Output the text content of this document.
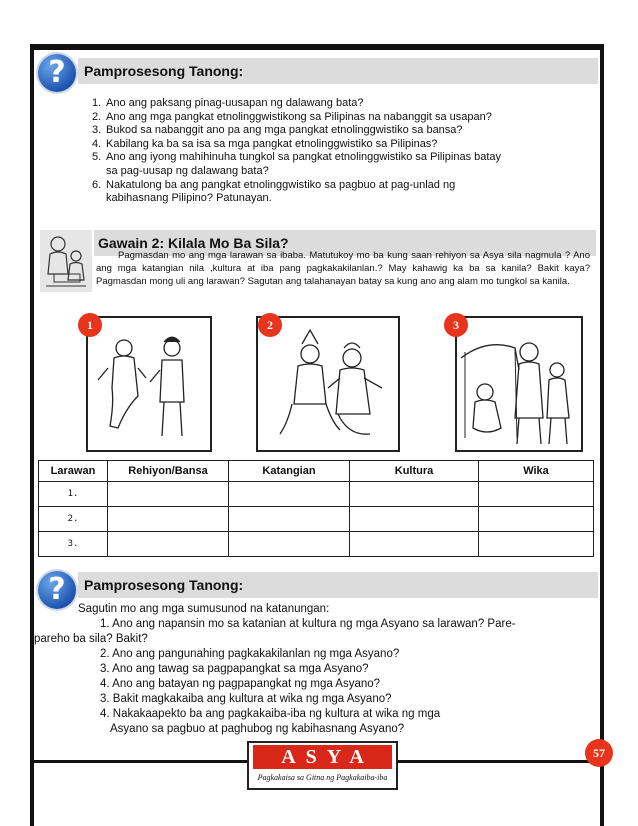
?	Pamprosesong Tanong:
1. Ano ang paksang pinag-uusapan ng dalawang bata?
2. Ano ang mga pangkat etnolinggwistikong sa Pilipinas na nabanggit sa usapan?
3. Bukod sa nabanggit ano pa ang mga pangkat etnolinggwistiko sa bansa?
4. Kabilang ka ba sa isa sa mga pangkat etnolinggwistiko sa Pilipinas?
5. Ano ang iyong mahihinuha tungkol sa pangkat etnolinggwistiko sa Pilipinas batay sa pag-uusap ng dalawang bata?
6. Nakatulong ba ang pangkat etnolinggwistiko sa pagbuo at pag-unlad ng kabihasnang Pilipino? Patunayan.
Gawain 2: Kilala Mo Ba Sila?
Pagmasdan mo ang mga larawan sa ibaba. Matutukoy mo ba kung saan rehiyon sa Asya sila nagmula ? Ano ang mga katangian nila ,kultura at iba pang pagkakakilanlan.? May kahawig ka ba sa kanila? Bakit kaya? Pagmasdan mong uli ang larawan? Sagutan ang talahanayan batay sa kung ano ang alam mo tungkol sa kanila.
1	2	3
Larawan	Rehiyon/Bansa	Katangian	Kultura	Wika
1.				
2.				
3.				
?	Pamprosesong Tanong:
Sagutin mo ang mga sumusunod na katanungan:
1. Ano ang napansin mo sa katanian at kultura ng mga Asyano sa larawan? Pare-
pareho ba sila? Bakit?
2. Ano ang pangunahing pagkakakilanlan ng mga Asyano?
3. Ano ang tawag sa pagpapangkat sa mga Asyano?
4. Ano ang batayan ng pagpapangkat ng mga Asyano?
3. Bakit magkakaiba ang kultura at wika ng mga Asyano?
4. Nakakaapekto ba ang pagkakaiba-iba ng kultura at wika ng mga
Asyano sa pagbuo at paghubog ng kabihasnang Asyano?
ASYA
Pagkakaisa sa Gitna ng Pagkakaiba-iba
57
